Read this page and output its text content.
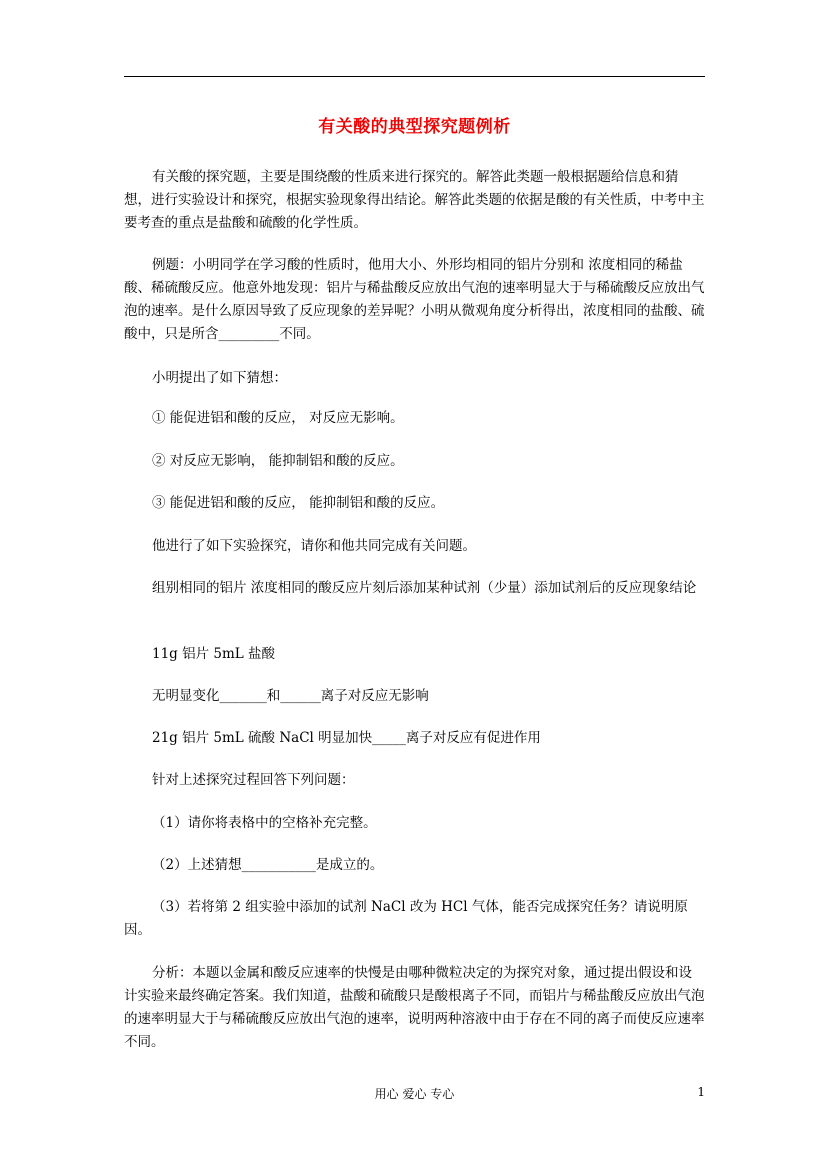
有关酸的典型探究题例析

有关酸的探究题，主要是围绕酸的性质来进行探究的。解答此类题一般根据题给信息和猜想，进行实验设计和探究，根据实验现象得出结论。解答此类题的依据是酸的有关性质，中考中主要考查的重点是盐酸和硫酸的化学性质。

例题：小明同学在学习酸的性质时，他用大小、外形均相同的铝片分别和 浓度相同的稀盐酸、稀硫酸反应。他意外地发现：铝片与稀盐酸反应放出气泡的速率明显大于与稀硫酸反应放出气泡的速率。是什么原因导致了反应现象的差异呢？小明从微观角度分析得出，浓度相同的盐酸、硫酸中，只是所含_________不同。

小明提出了如下猜想：
① 能促进铝和酸的反应， 对反应无影响。
② 对反应无影响， 能抑制铝和酸的反应。
③ 能促进铝和酸的反应， 能抑制铝和酸的反应。
他进行了如下实验探究，请你和他共同完成有关问题。

组别相同的铝片 浓度相同的酸反应片刻后添加某种试剂（少量）添加试剂后的反应现象结论

11g 铝片 5mL 盐酸
无明显变化_______和______离子对反应无影响
21g 铝片 5mL 硫酸 NaCl 明显加快_____离子对反应有促进作用
针对上述探究过程回答下列问题：
（1）请你将表格中的空格补充完整。
（2）上述猜想___________是成立的。

（3）若将第 2 组实验中添加的试剂 NaCl 改为 HCl 气体，能否完成探究任务？请说明原因。

分析：本题以金属和酸反应速率的快慢是由哪种微粒决定的为探究对象，通过提出假设和设计实验来最终确定答案。我们知道，盐酸和硫酸只是酸根离子不同，而铝片与稀盐酸反应放出气泡的速率明显大于与稀硫酸反应放出气泡的速率，说明两种溶液中由于存在不同的离子而使反应速率不同。

用心 爱心 专心	1
